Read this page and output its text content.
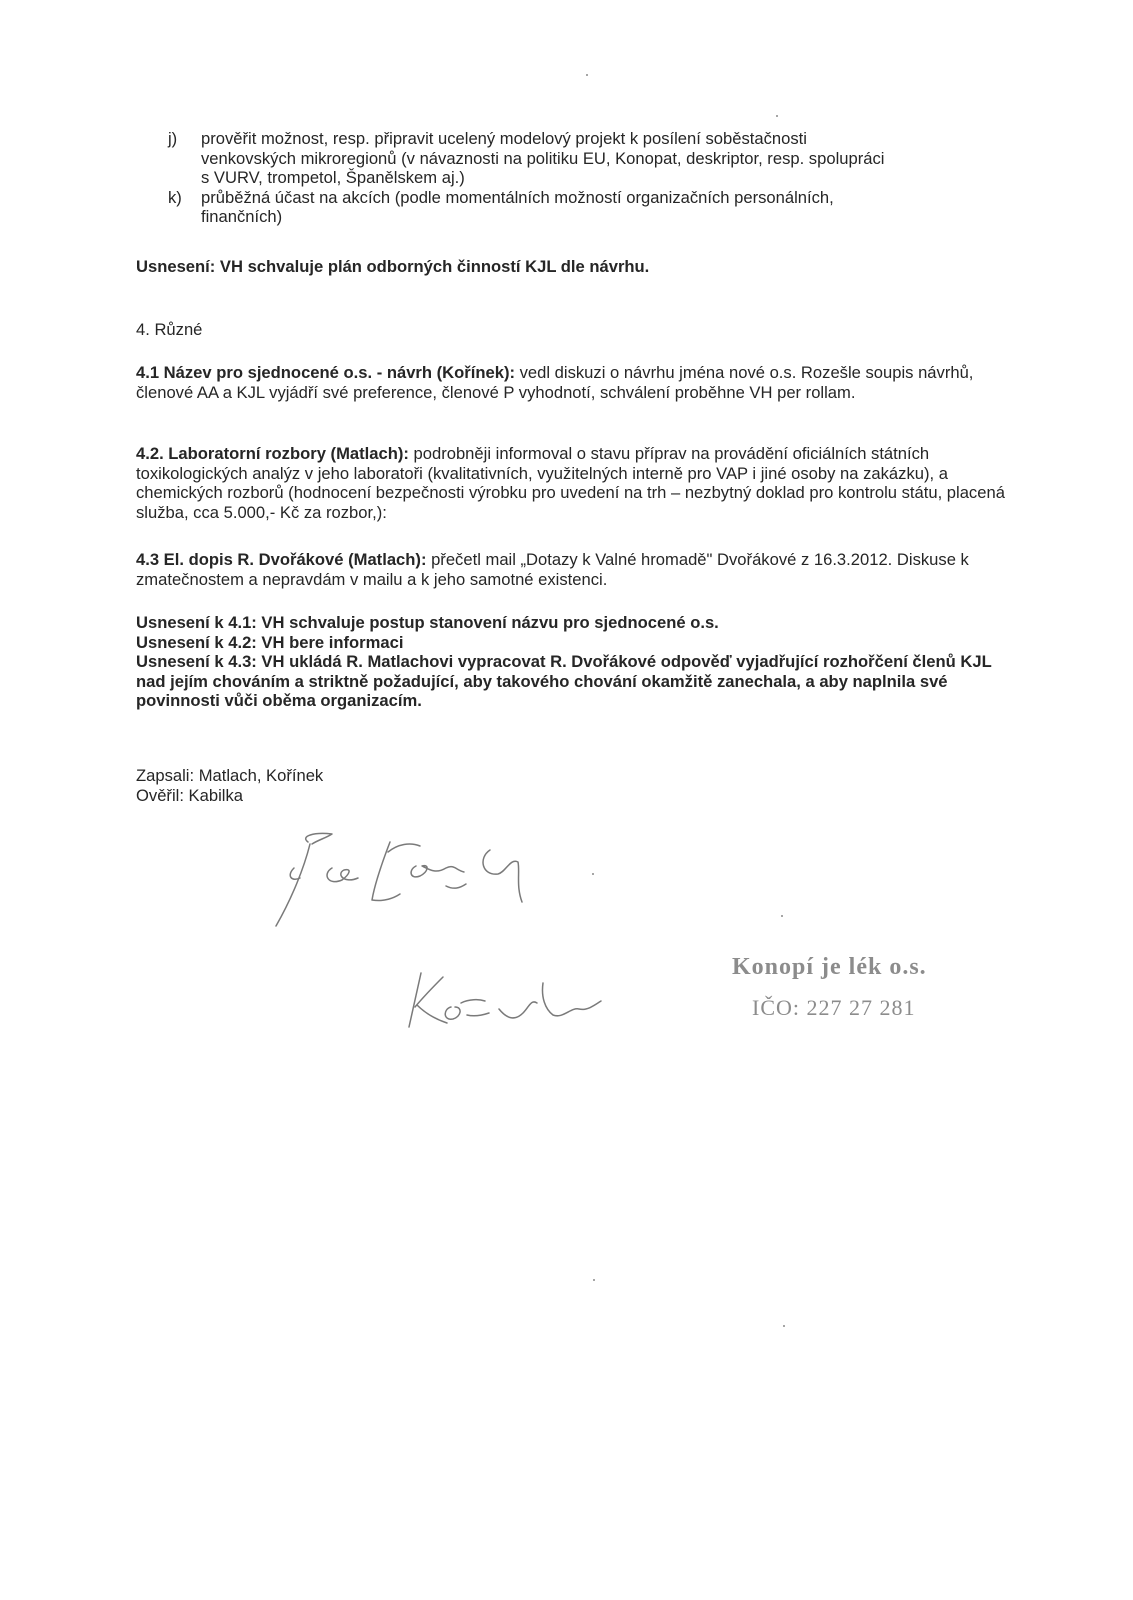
j)	prověřit možnost, resp. připravit ucelený modelový projekt k posílení soběstačnosti
venkovských mikroregionů (v návaznosti na politiku EU, Konopat, deskriptor, resp. spolupráci
s VURV, trompetol, Španělskem aj.)
k)	průběžná účast na akcích (podle momentálních možností organizačních personálních,
finančních)
Usnesení: VH schvaluje plán odborných činností KJL dle návrhu.
4. Různé
4.1 Název pro sjednocené o.s. - návrh (Kořínek): vedl diskuzi o návrhu jména nové o.s. Rozešle soupis návrhů, členové AA a KJL vyjádří své preference, členové P vyhodnotí, schválení proběhne VH per rollam.
4.2. Laboratorní rozbory (Matlach): podrobněji informoval o stavu příprav na provádění oficiálních státních toxikologických analýz v jeho laboratoři (kvalitativních, využitelných interně pro VAP i jiné osoby na zakázku), a chemických rozborů (hodnocení bezpečnosti výrobku pro uvedení na trh – nezbytný doklad pro kontrolu státu, placená služba, cca 5.000,- Kč za rozbor,):
4.3 El. dopis R. Dvořákové (Matlach): přečetl mail „Dotazy k Valné hromadě" Dvořákové z 16.3.2012. Diskuse k zmatečnostem a nepravdám v mailu a k jeho samotné existenci.
Usnesení k 4.1: VH schvaluje postup stanovení názvu pro sjednocené o.s.
Usnesení k 4.2: VH bere informaci
Usnesení k 4.3: VH ukládá R. Matlachovi vypracovat R. Dvořákové odpověď vyjadřující rozhořčení členů KJL nad jejím chováním a striktně požadující, aby takového chování okamžitě zanechala, a aby naplnila své povinnosti vůči oběma organizacím.
Zapsali: Matlach, Kořínek
Ověřil: Kabilka
Konopí je lék o.s.
IČO: 227 27 281
